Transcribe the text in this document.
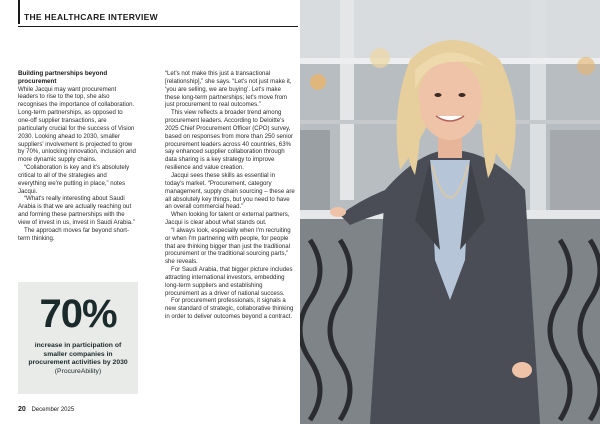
THE HEALTHCARE INTERVIEW

Building partnerships beyond procurement

While Jacqui may want procurement leaders to rise to the top, she also recognises the importance of collaboration. Long-term partnerships, as opposed to one-off supplier transactions, are particularly crucial for the success of Vision 2030. Looking ahead to 2030, smaller suppliers' involvement is projected to grow by 70%, unlocking innovation, inclusion and more dynamic supply chains.

“Collaboration is key and it's absolutely critical to all of the strategies and everything we're putting in place,” notes Jacqui.

“What's really interesting about Saudi Arabia is that we are actually reaching out and forming these partnerships with the view of invest in us, invest in Saudi Arabia.”

The approach moves far beyond short-term thinking.

70%
increase in participation of smaller companies in procurement activities by 2030 (ProcureAbility)

“Let's not make this just a transactional [relationship],” she says. “Let's not just make it, ‘you are selling, we are buying’. Let's make these long-term partnerships; let's move from just procurement to real outcomes.”

This view reflects a broader trend among procurement leaders. According to Deloitte's 2025 Chief Procurement Officer (CPO) survey, based on responses from more than 250 senior procurement leaders across 40 countries, 63% say enhanced supplier collaboration through data sharing is a key strategy to improve resilience and value creation.

Jacqui sees these skills as essential in today's market. “Procurement, category management, supply chain sourcing – these are all absolutely key things, but you need to have an overall commercial head.”

When looking for talent or external partners, Jacqui is clear about what stands out.

“I always look, especially when I'm recruiting or when I'm partnering with people, for people that are thinking bigger than just the traditional procurement or the traditional sourcing parts,” she reveals.

For Saudi Arabia, that bigger picture includes attracting international investors, embedding long-term suppliers and establishing procurement as a driver of national success.

For procurement professionals, it signals a new standard of strategic, collaborative thinking in order to deliver outcomes beyond a contract.

20 December 2025
